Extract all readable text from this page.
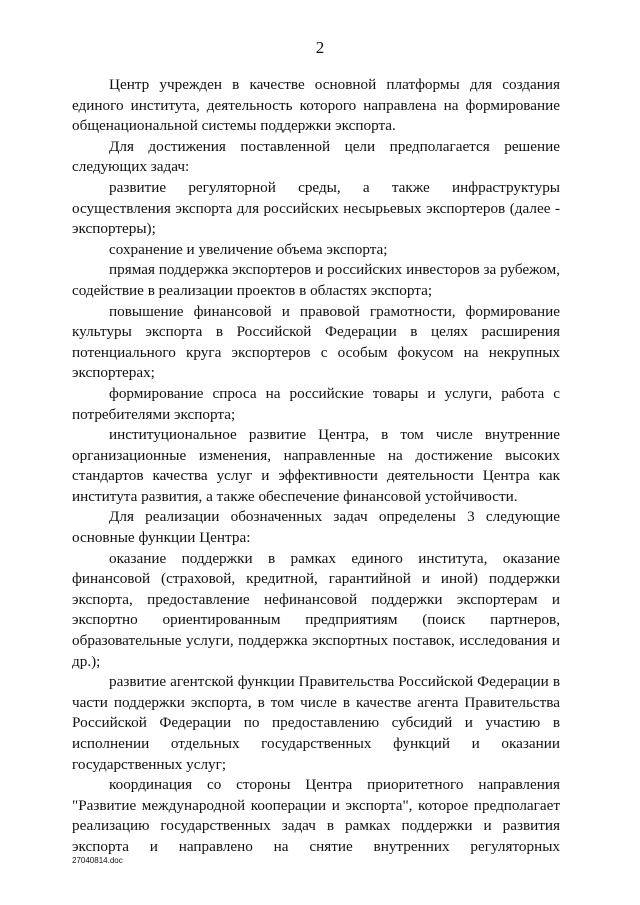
2

Центр учрежден в качестве основной платформы для создания единого института, деятельность которого направлена на формирование общенациональной системы поддержки экспорта.

Для достижения поставленной цели предполагается решение следующих задач:

развитие регуляторной среды, а также инфраструктуры осуществления экспорта для российских несырьевых экспортеров (далее - экспортеры);

сохранение и увеличение объема экспорта;

прямая поддержка экспортеров и российских инвесторов за рубежом, содействие в реализации проектов в областях экспорта;

повышение финансовой и правовой грамотности, формирование культуры экспорта в Российской Федерации в целях расширения потенциального круга экспортеров с особым фокусом на некрупных экспортерах;

формирование спроса на российские товары и услуги, работа с потребителями экспорта;

институциональное развитие Центра, в том числе внутренние организационные изменения, направленные на достижение высоких стандартов качества услуг и эффективности деятельности Центра как института развития, а также обеспечение финансовой устойчивости.

Для реализации обозначенных задач определены 3 следующие основные функции Центра:

оказание поддержки в рамках единого института, оказание финансовой (страховой, кредитной, гарантийной и иной) поддержки экспорта, предоставление нефинансовой поддержки экспортерам и экспортно ориентированным предприятиям (поиск партнеров, образовательные услуги, поддержка экспортных поставок, исследования и др.);

развитие агентской функции Правительства Российской Федерации в части поддержки экспорта, в том числе в качестве агента Правительства Российской Федерации по предоставлению субсидий и участию в исполнении отдельных государственных функций и оказании государственных услуг;

координация со стороны Центра приоритетного направления "Развитие международной кооперации и экспорта", которое предполагает реализацию государственных задач в рамках поддержки и развития экспорта и направлено на снятие внутренних регуляторных

27040814.doc
